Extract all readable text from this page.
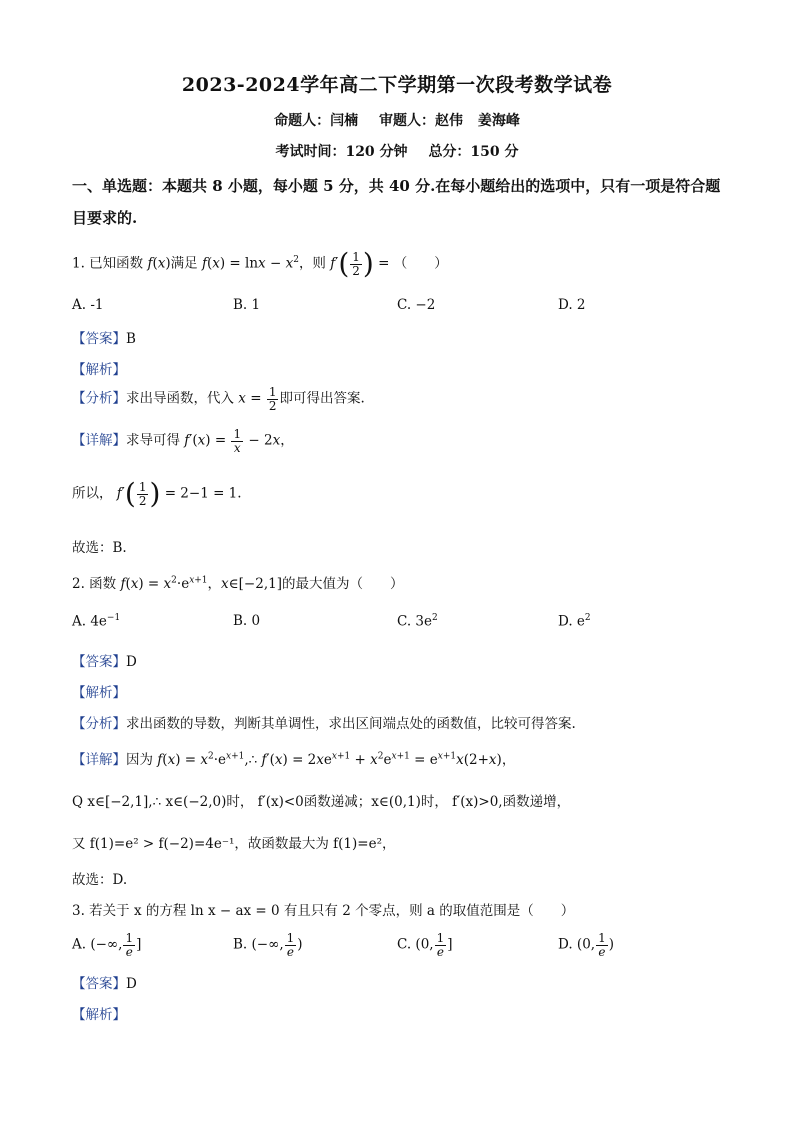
2023-2024学年高二下学期第一次段考数学试卷
命题人：闫楠 审题人：赵伟 姜海峰
考试时间：120 分钟 总分：150 分
一、单选题：本题共 8 小题，每小题 5 分，共 40 分.在每小题给出的选项中，只有一项是符合题目要求的.
1. 已知函数 f(x)满足 $f(x) = \ln x - x^2$，则 $f'( \frac{1}{2}$ ) = （　　）
A. -1	B. 1	C. −2	D. 2
【答案】B
【解析】
【分析】求出导函数，代入 $x = \frac{1}{2}$ 即可得出答案.
【详解】求导可得 $f'(x) = \frac{1}{x} - 2x$，
所以， $f'( \frac{1}{2}$ ) = 2−1 = 1.
故选：B.
2. 函数 $f(x) = x^2\cdot e^{x+1}$，x∈[−2,1]的最大值为（　　）
A. $4e^{-1}$	B. 0	C. $3e^2$	D. $e^2$
【答案】D
【解析】
【分析】求出函数的导数，判断其单调性，求出区间端点处的函数值，比较可得答案.
【详解】因为 $f(x) = x^2\cdot e^{x+1},\therefore$ $f'(x) = 2xe^{x+1} + x^2e^{x+1} = e^{x+1}x(2+x)$，
Q x∈[−2,1],∴ x∈(−2,0)时， f′(x)<0函数递减；x∈(0,1)时， f′(x)>0,函数递增，
又 f(1)=e² > f(−2)=4e⁻¹，故函数最大为 f(1)=e²，
故选：D.
3. 若关于 x 的方程 ln x − ax = 0 有且只有 2 个零点，则 a 的取值范围是（　　）
A. (−∞, $\frac{1}{e}$ ]	B. (−∞, $\frac{1}{e}$ )	C. (0, $\frac{1}{e}$ ]	D. (0, $\frac{1}{e}$ )
【答案】D
【解析】
